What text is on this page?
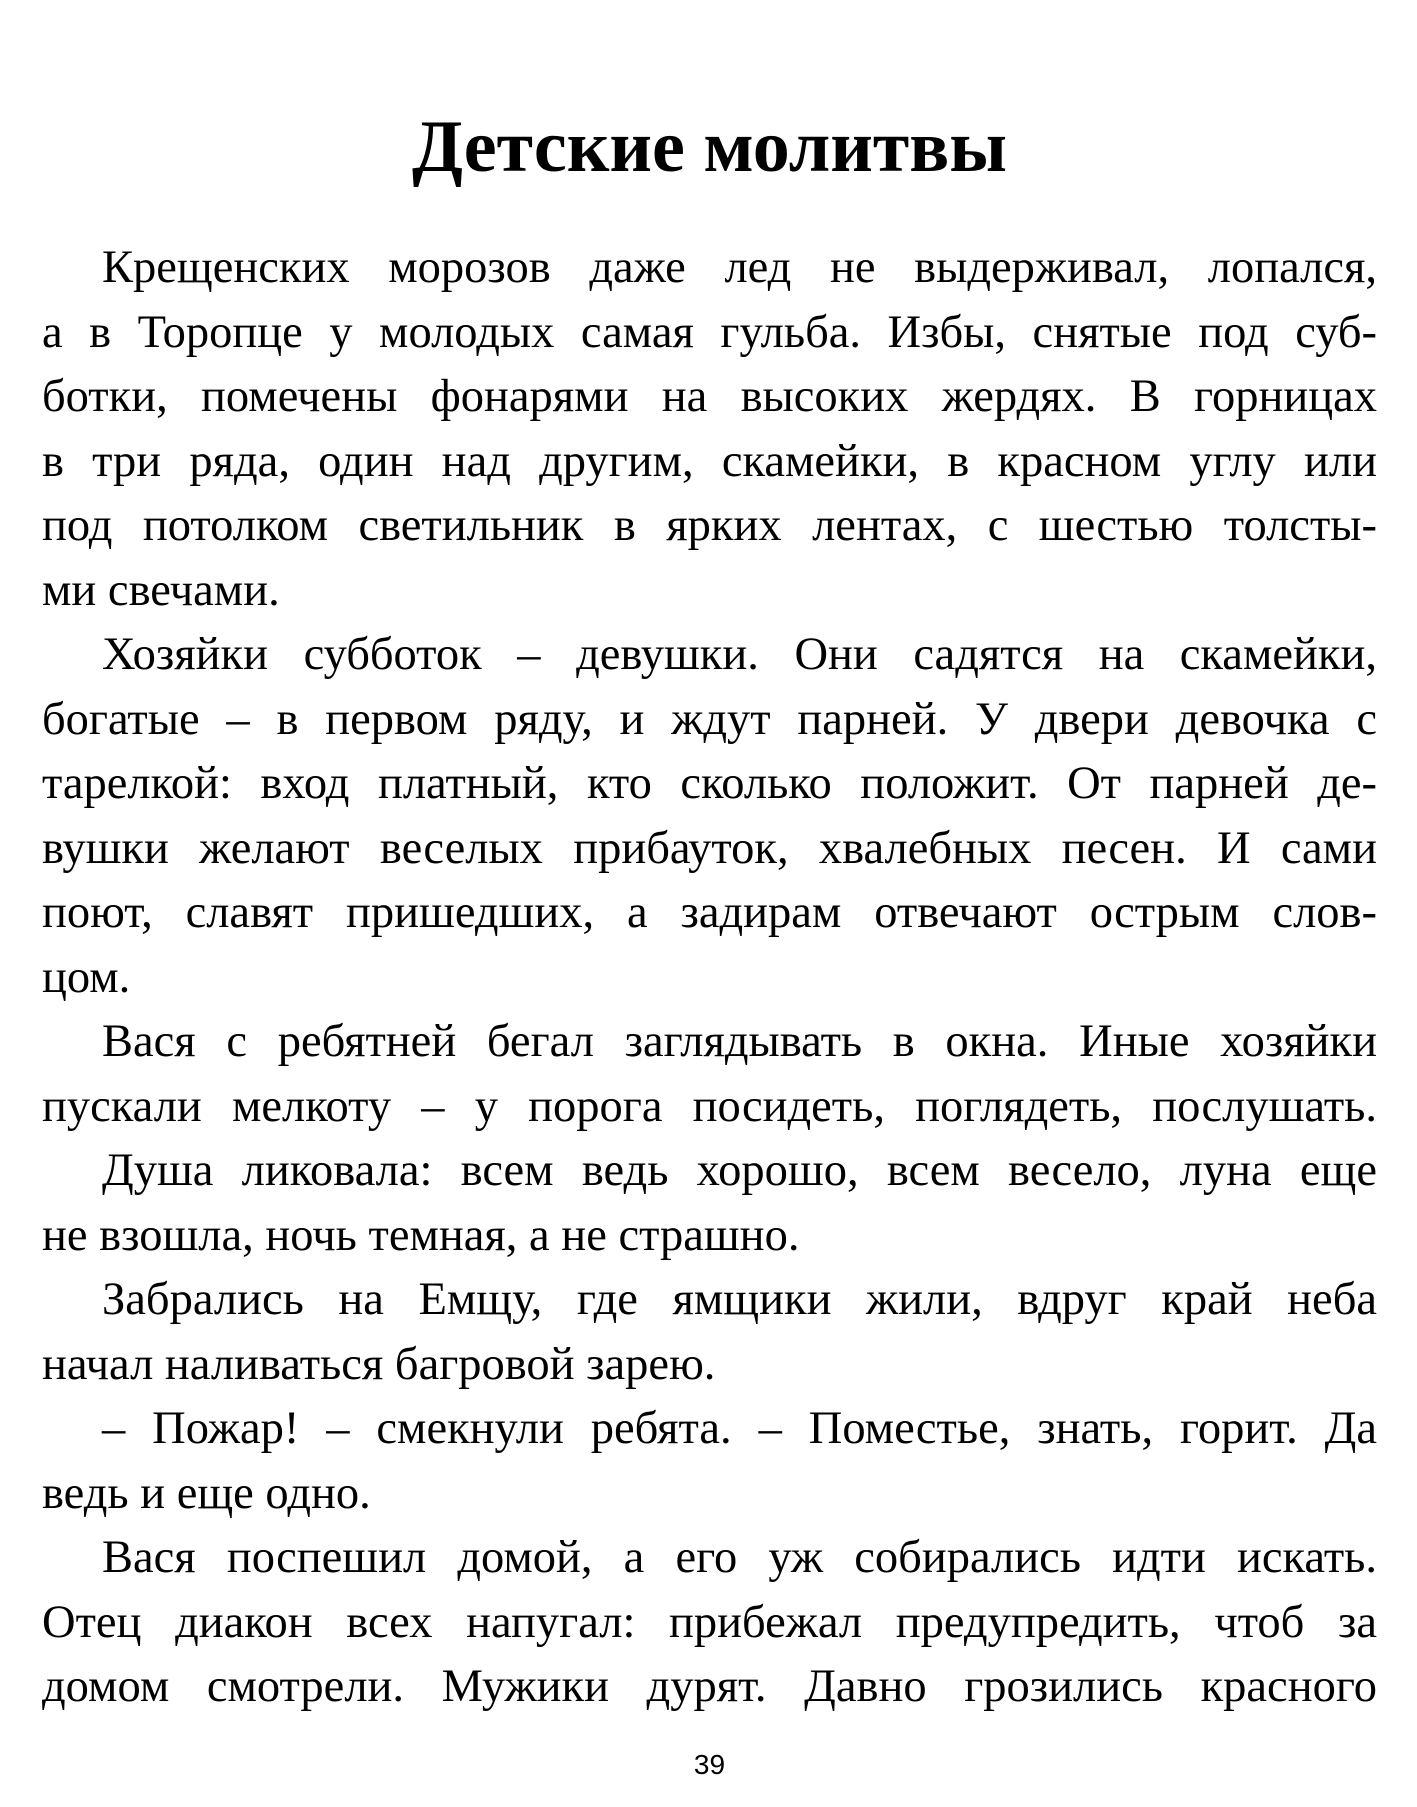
Детские молитвы
Крещенских морозов даже лед не выдерживал, лопался,
а в Торопце у молодых самая гульба. Избы, снятые под суб-
ботки, помечены фонарями на высоких жердях. В горницах
в три ряда, один над другим, скамейки, в красном углу или
под потолком светильник в ярких лентах, с шестью толсты-
ми свечами.
Хозяйки субботок – девушки. Они садятся на скамейки,
богатые – в первом ряду, и ждут парней. У двери девочка с
тарелкой: вход платный, кто сколько положит. От парней де-
вушки желают веселых прибауток, хвалебных песен. И сами
поют, славят пришедших, а задирам отвечают острым слов-
цом.
Вася с ребятней бегал заглядывать в окна. Иные хозяйки
пускали мелкоту – у порога посидеть, поглядеть, послушать.
Душа ликовала: всем ведь хорошо, всем весело, луна еще
не взошла, ночь темная, а не страшно.
Забрались на Емщу, где ямщики жили, вдруг край неба
начал наливаться багровой зарею.
– Пожар! – смекнули ребята. – Поместье, знать, горит. Да
ведь и еще одно.
Вася поспешил домой, а его уж собирались идти искать.
Отец диакон всех напугал: прибежал предупредить, чтоб за
домом смотрели. Мужики дурят. Давно грозились красного
39
